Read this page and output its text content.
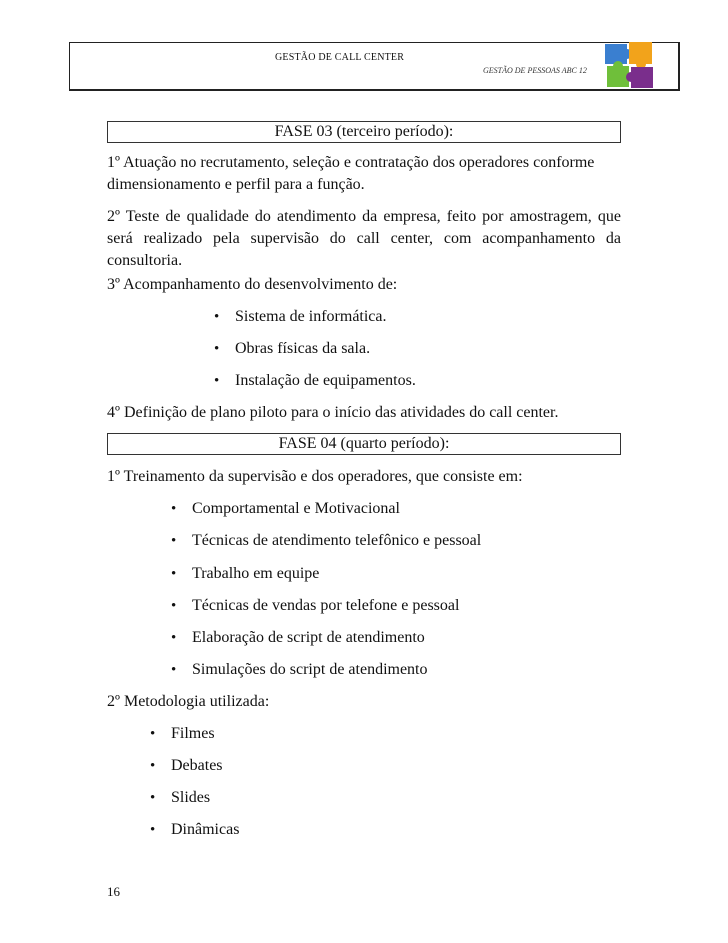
GESTÃO DE CALL CENTER
GESTÃO DE PESSOAS ABC 12
FASE 03 (terceiro período):
1º Atuação no recrutamento, seleção e contratação dos operadores conforme
dimensionamento e perfil para a função.
2º Teste de qualidade do atendimento da empresa, feito por amostragem, que será realizado pela supervisão do call center, com acompanhamento da consultoria.
3º Acompanhamento do desenvolvimento de:
• Sistema de informática.
• Obras físicas da sala.
• Instalação de equipamentos.
4º Definição de plano piloto para o início das atividades do call center.
FASE 04 (quarto período):
1º Treinamento da supervisão e dos operadores, que consiste em:
• Comportamental e Motivacional
• Técnicas de atendimento telefônico e pessoal
• Trabalho em equipe
• Técnicas de vendas por telefone e pessoal
• Elaboração de script de atendimento
• Simulações do script de atendimento
2º Metodologia utilizada:
• Filmes
• Debates
• Slides
• Dinâmicas
16
